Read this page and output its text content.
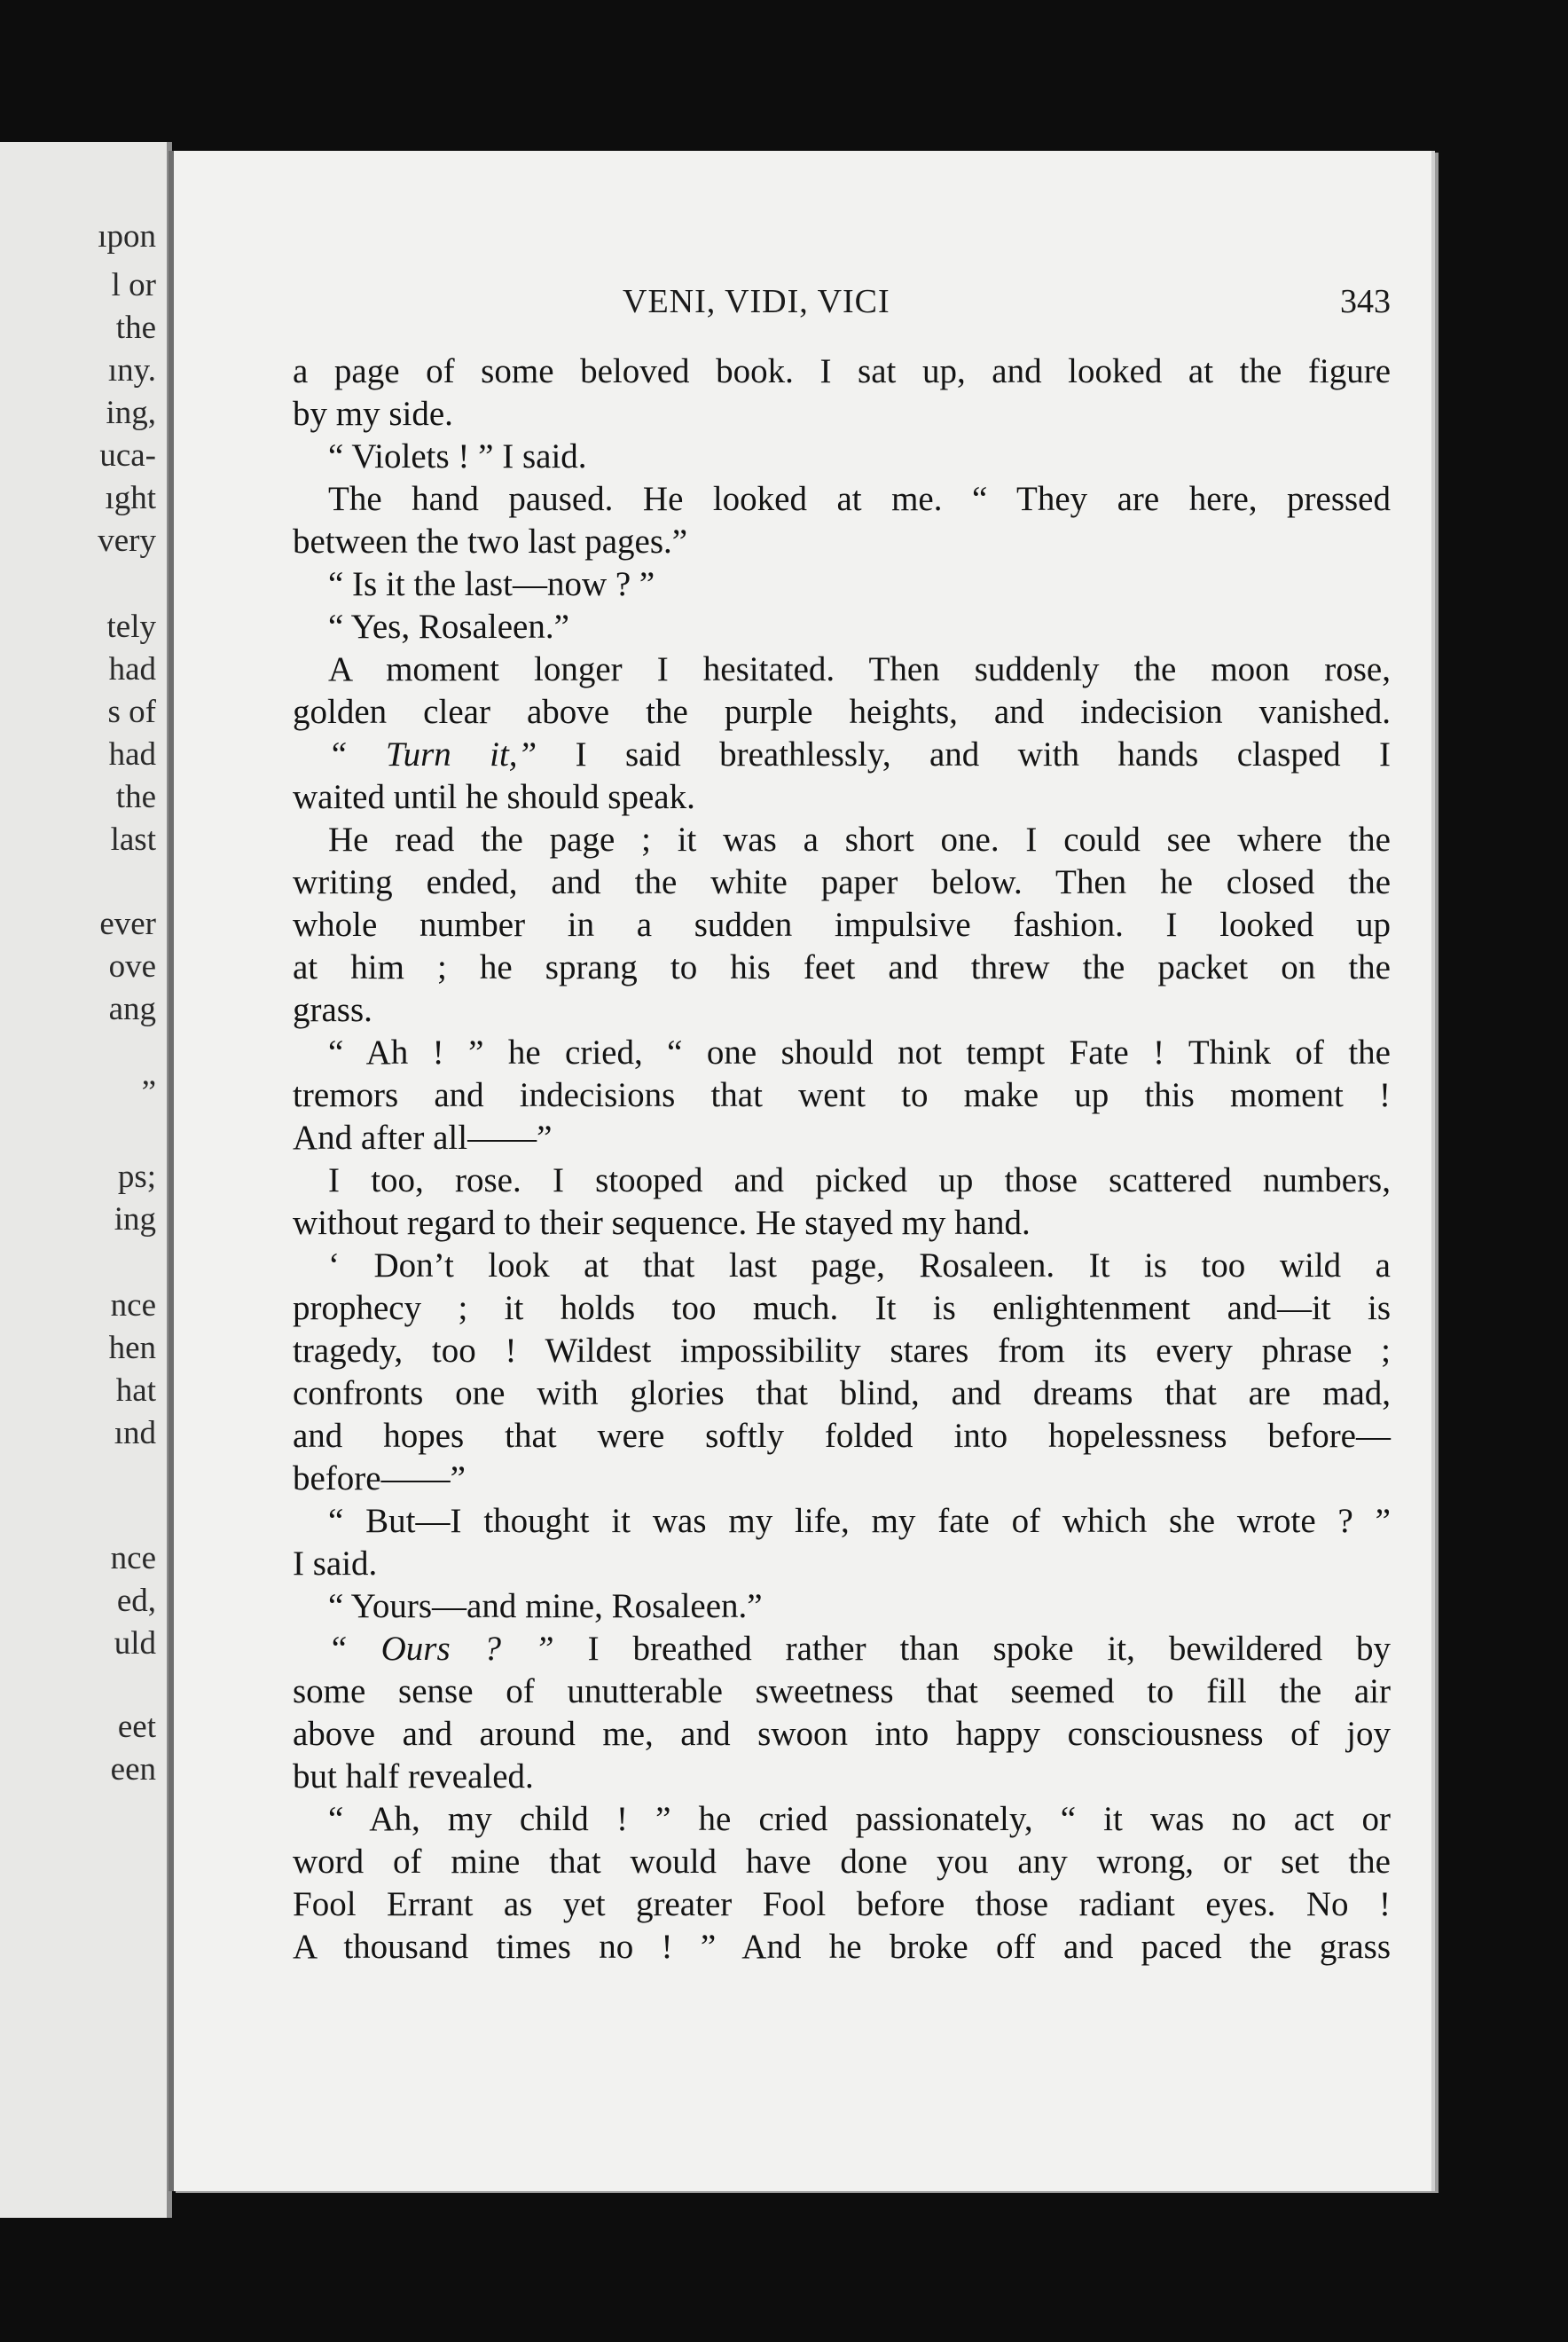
ıpon
l or
the
ıny.
ing,
uca-
ıght
very
tely
had
s of
had
the
last
ever
ove
ang
”
ps;
ing
nce
hen
hat
ınd
nce
ed,
uld
eet
een
VENI, VIDI, VICI	343
a page of some beloved book. I sat up, and looked at the figure
by my side.
“ Violets ! ” I said.
The hand paused. He looked at me. “ They are here, pressed
between the two last pages.”
“ Is it the last—now ? ”
“ Yes, Rosaleen.”
A moment longer I hesitated. Then suddenly the moon rose,
golden clear above the purple heights, and indecision vanished.
“ Turn it,” I said breathlessly, and with hands clasped I
waited until he should speak.
He read the page ; it was a short one. I could see where the
writing ended, and the white paper below. Then he closed the
whole number in a sudden impulsive fashion. I looked up
at him ; he sprang to his feet and threw the packet on the
grass.
“ Ah ! ” he cried, “ one should not tempt Fate ! Think of the
tremors and indecisions that went to make up this moment !
And after all——”
I too, rose. I stooped and picked up those scattered numbers,
without regard to their sequence. He stayed my hand.
‘ Don’t look at that last page, Rosaleen. It is too wild a
prophecy ; it holds too much. It is enlightenment and—it is
tragedy, too ! Wildest impossibility stares from its every phrase ;
confronts one with glories that blind, and dreams that are mad,
and hopes that were softly folded into hopelessness before—
before——”
“ But—I thought it was my life, my fate of which she wrote ? ”
I said.
“ Yours—and mine, Rosaleen.”
“ Ours ? ” I breathed rather than spoke it, bewildered by
some sense of unutterable sweetness that seemed to fill the air
above and around me, and swoon into happy consciousness of joy
but half revealed.
“ Ah, my child ! ” he cried passionately, “ it was no act or
word of mine that would have done you any wrong, or set the
Fool Errant as yet greater Fool before those radiant eyes. No !
A thousand times no ! ” And he broke off and paced the grass
